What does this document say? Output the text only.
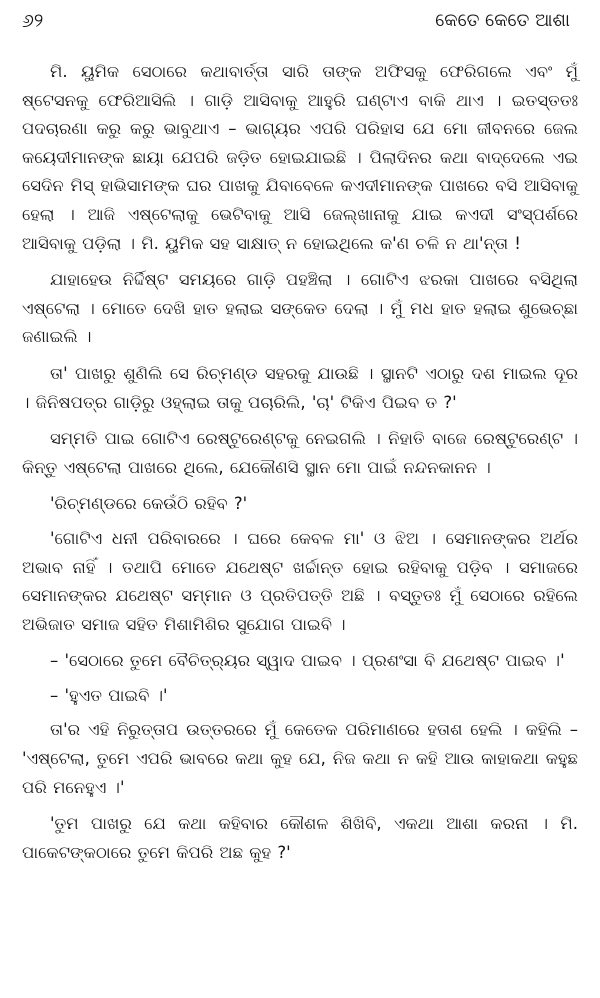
୬୨	କେତେ କେତେ ଆଶା

ମି. ୟୁମିକ ସେଠାରେ କଥାବାର୍ତ୍ତା ସାରି ତାଙ୍କ ଅଫିସକୁ ଫେରିଗଲେ ଏବଂ ମୁଁ ଷ୍ଟେସନକୁ ଫେରିଆସିଲି । ଗାଡ଼ି ଆସିବାକୁ ଆହୁରି ଘଣ୍ଟାଏ ବାକି ଥାଏ । ଇତସ୍ତତଃ ପଦଚାରଣା କରୁ କରୁ ଭାବୁଥାଏ – ଭାଗ୍ୟର ଏପରି ପରିହାସ ଯେ ମୋ ଜୀବନରେ ଜେଲ କୟେଦୀମାନଙ୍କ ଛାୟା ଯେପରି ଜଡ଼ିତ ହୋଇଯାଇଛି । ପିଲାଦିନର କଥା ବାଦ୍‌ଦେଲେ ଏଇ ସେଦିନ ମିସ୍ ହାଭିସାମଙ୍କ ଘର ପାଖକୁ ଯିବାବେଳେ କଏଦୀମାନଙ୍କ ପାଖରେ ବସି ଆସିବାକୁ ହେଲା । ଆଜି ଏଷ୍ଟେଲାକୁ ଭେଟିବାକୁ ଆସି ଜେଲ୍‌ଖାନାକୁ ଯାଇ କଏଦୀ ସଂସ୍ପର୍ଶରେ ଆସିବାକୁ ପଡ଼ିଲା । ମି. ୟୁମିକ ସହ ସାକ୍ଷାତ୍ ନ ହୋଇଥିଲେ କ'ଣ ଚଳି ନ ଥା'ନ୍ତା !

ଯାହାହେଉ ନିର୍ଦ୍ଦିଷ୍ଟ ସମୟରେ ଗାଡ଼ି ପହଞ୍ଚିଲା । ଗୋଟିଏ ଝରକା ପାଖରେ ବସିଥିଲା ଏଷ୍ଟେଲା । ମୋତେ ଦେଖି ହାତ ହଲାଇ ସଙ୍କେତ ଦେଲା । ମୁଁ ମଧ ହାତ ହଲାଇ ଶୁଭେଚ୍ଛା ଜଣାଇଲି ।

ତା' ପାଖରୁ ଶୁଣିଲି ସେ ରିଚ୍‌ମଣ୍ଡ ସହରକୁ ଯାଉଛି । ସ୍ଥାନଟି ଏଠାରୁ ଦଶ ମାଇଲ ଦୂର । ଜିନିଷପତ୍ର ଗାଡ଼ିରୁ ଓହ୍ଲାଇ ତାକୁ ପଚାରିଲି, 'ଚା' ଟିକିଏ ପିଇବ ତ ?'

ସମ୍ମତି ପାଇ ଗୋଟିଏ ରେଷ୍ଟୁରେଣ୍ଟକୁ ନେଇଗଲି । ନିହାତି ବାଜେ ରେଷ୍ଟୁରେଣ୍ଟ । କିନ୍ତୁ ଏଷ୍ଟେଲା ପାଖରେ ଥିଲେ, ଯେକୌଣସି ସ୍ଥାନ ମୋ ପାଇଁ ନନ୍ଦନକାନନ ।

'ରିଚ୍‌ମଣ୍ଡରେ କେଉଁଠି ରହିବ ?'

'ଗୋଟିଏ ଧନୀ ପରିବାରରେ । ଘରେ କେବଳ ମା' ଓ ଝିଅ । ସେମାନଙ୍କର ଅର୍ଥର ଅଭାବ ନାହିଁ । ତଥାପି ମୋତେ ଯଥେଷ୍ଟ ଖର୍ଚ୍ଚାନ୍ତ ହୋଇ ରହିବାକୁ ପଡ଼ିବ । ସମାଜରେ ସେମାନଙ୍କର ଯଥେଷ୍ଟ ସମ୍ମାନ ଓ ପ୍ରତିପତ୍ତି ଅଛି । ବସ୍ତୁତଃ ମୁଁ ସେଠାରେ ରହିଲେ ଅଭିଜାତ ସମାଜ ସହିତ ମିଶାମିଶିର ସୁଯୋଗ ପାଇବି ।

– 'ସେଠାରେ ତୁମେ ବୈଚିତ୍ର୍ୟର ସ୍ୱାଦ ପାଇବ । ପ୍ରଶଂସା ବି ଯଥେଷ୍ଟ ପାଇବ ।'

– 'ହୁଏତ ପାଇବି ।'

ତା'ର ଏହି ନିରୁତ୍ତାପ ଉତ୍ତରରେ ମୁଁ କେତେକ ପରିମାଣରେ ହତାଶ ହେଲି । କହିଲି – 'ଏଷ୍ଟେଲା, ତୁମେ ଏପରି ଭାବରେ କଥା କୁହ ଯେ, ନିଜ କଥା ନ କହି ଆଉ କାହାକଥା କହୁଛ ପରି ମନେହୁଏ ।'

'ତୁମ ପାଖରୁ ଯେ କଥା କହିବାର କୌଶଳ ଶିଖିବି, ଏକଥା ଆଶା କରନା । ମି. ପାକେଟଙ୍କଠାରେ ତୁମେ କିପରି ଅଛ କୁହ ?'
